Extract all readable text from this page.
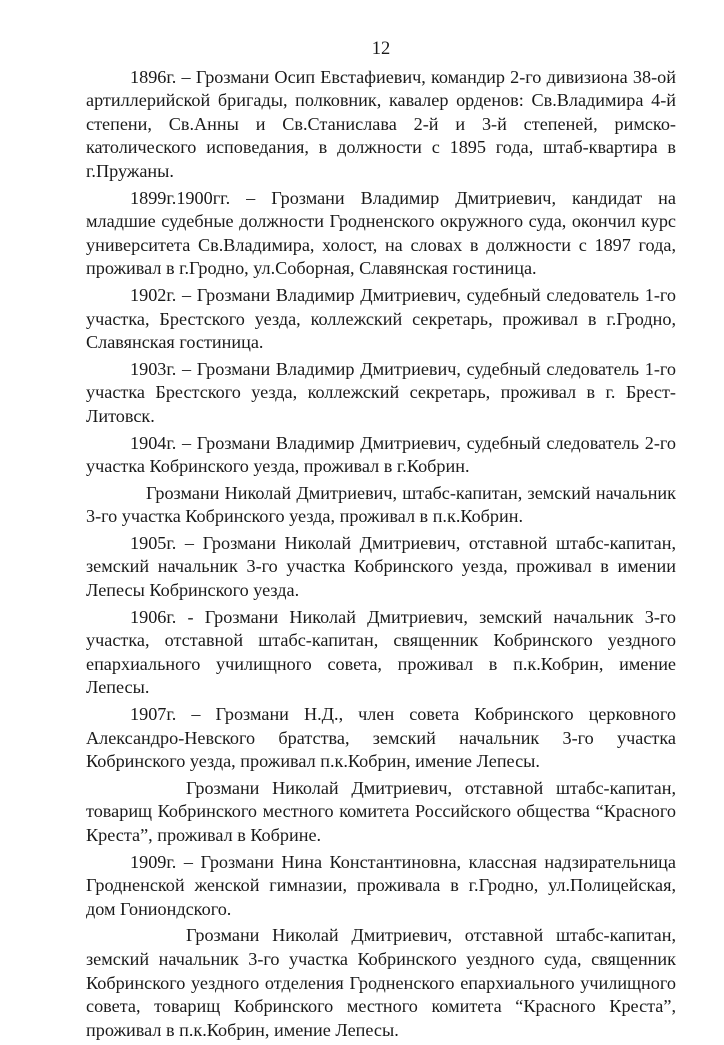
12

1896г. – Грозмани Осип Евстафиевич, командир 2-го дивизиона 38-ой артиллерийской бригады, полковник, кавалер орденов: Св.Владимира 4-й степени, Св.Анны и Св.Станислава 2-й и 3-й степеней, римско-католического исповедания, в должности с 1895 года, штаб-квартира в г.Пружаны.

1899г.1900гг. – Грозмани Владимир Дмитриевич, кандидат на младшие судебные должности Гродненского окружного суда, окончил курс университета Св.Владимира, холост, на словах в должности с 1897 года, проживал в г.Гродно, ул.Соборная, Славянская гостиница.

1902г. – Грозмани Владимир Дмитриевич, судебный следователь 1-го участка, Брестского уезда, коллежский секретарь, проживал в г.Гродно, Славянская гостиница.

1903г. – Грозмани Владимир Дмитриевич, судебный следователь 1-го участка Брестского уезда, коллежский секретарь, проживал в г. Брест-Литовск.

1904г. – Грозмани Владимир Дмитриевич, судебный следователь 2-го участка Кобринского уезда, проживал в г.Кобрин.

Грозмани Николай Дмитриевич, штабс-капитан, земский начальник 3-го участка Кобринского уезда, проживал в п.к.Кобрин.

1905г. – Грозмани Николай Дмитриевич, отставной штабс-капитан, земский начальник 3-го участка Кобринского уезда, проживал в имении Лепесы Кобринского уезда.

1906г. - Грозмани Николай Дмитриевич, земский начальник 3-го участка, отставной штабс-капитан, священник Кобринского уездного епархиального училищного совета, проживал в п.к.Кобрин, имение Лепесы.

1907г. – Грозмани Н.Д., член совета Кобринского церковного Александро-Невского братства, земский начальник 3-го участка Кобринского уезда, проживал п.к.Кобрин, имение Лепесы.

Грозмани Николай Дмитриевич, отставной штабс-капитан, товарищ Кобринского местного комитета Российского общества “Красного Креста”, проживал в Кобрине.

1909г. – Грозмани Нина Константиновна, классная надзирательница Гродненской женской гимназии, проживала в г.Гродно, ул.Полицейская, дом Гониондского.

Грозмани Николай Дмитриевич, отставной штабс-капитан, земский начальник 3-го участка Кобринского уездного суда, священник Кобринского уездного отделения Гродненского епархиального училищного совета, товарищ Кобринского местного комитета “Красного Креста”, проживал в п.к.Кобрин, имение Лепесы.
